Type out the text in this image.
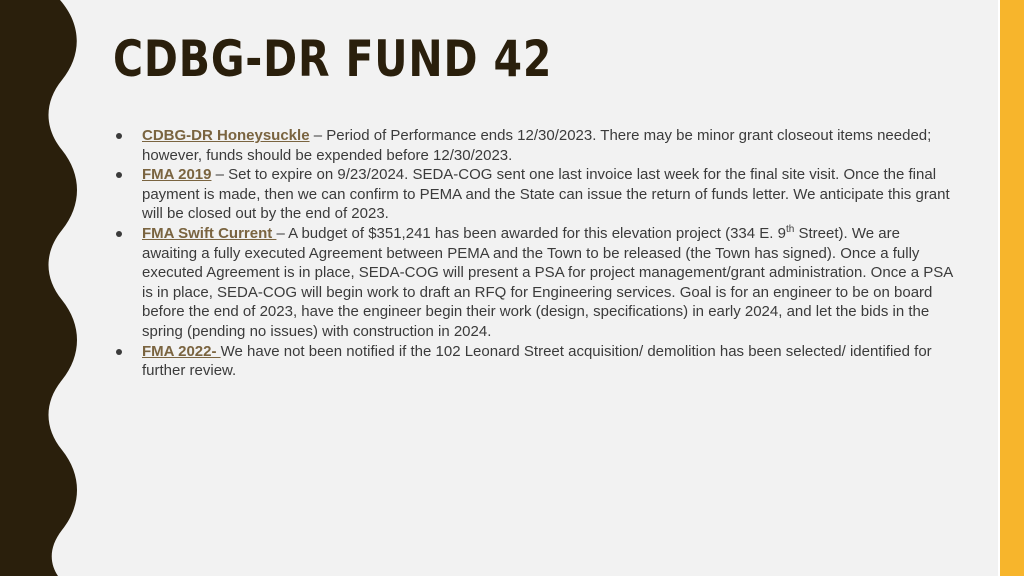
CDBG-DR FUND 42
CDBG-DR Honeysuckle – Period of Performance ends 12/30/2023. There may be minor grant closeout items needed; however, funds should be expended before 12/30/2023.
FMA 2019 – Set to expire on 9/23/2024. SEDA-COG sent one last invoice last week for the final site visit. Once the final payment is made, then we can confirm to PEMA and the State can issue the return of funds letter. We anticipate this grant will be closed out by the end of 2023.
FMA Swift Current – A budget of $351,241 has been awarded for this elevation project (334 E. 9th Street). We are awaiting a fully executed Agreement between PEMA and the Town to be released (the Town has signed). Once a fully executed Agreement is in place, SEDA-COG will present a PSA for project management/grant administration. Once a PSA is in place, SEDA-COG will begin work to draft an RFQ for Engineering services. Goal is for an engineer to be on board before the end of 2023, have the engineer begin their work (design, specifications) in early 2024, and let the bids in the spring (pending no issues) with construction in 2024.
FMA 2022- We have not been notified if the 102 Leonard Street acquisition/ demolition has been selected/ identified for further review.
